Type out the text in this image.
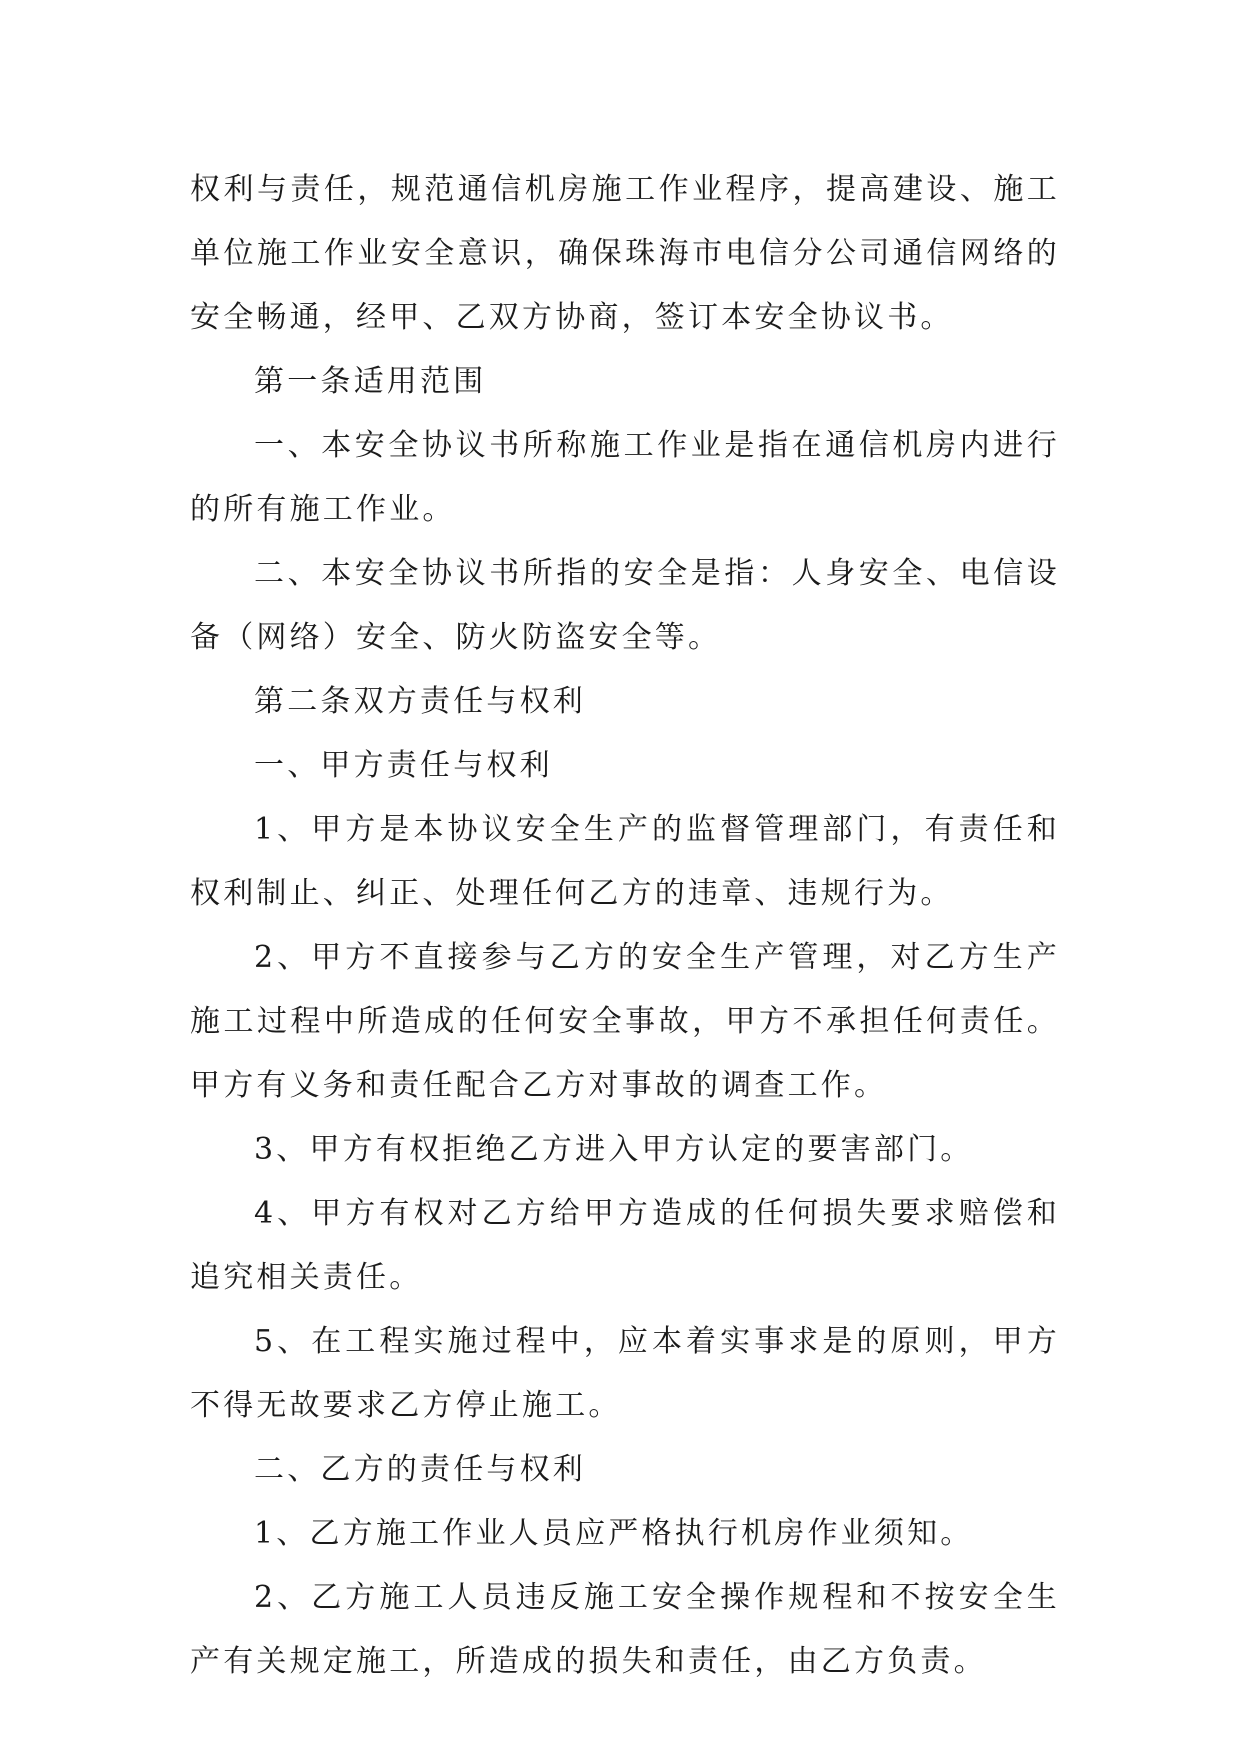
权利与责任，规范通信机房施工作业程序，提高建设、施工单位施工作业安全意识，确保珠海市电信分公司通信网络的安全畅通，经甲、乙双方协商，签订本安全协议书。

第一条适用范围

一、本安全协议书所称施工作业是指在通信机房内进行的所有施工作业。

二、本安全协议书所指的安全是指：人身安全、电信设备（网络）安全、防火防盗安全等。

第二条双方责任与权利

一、甲方责任与权利

1、甲方是本协议安全生产的监督管理部门，有责任和权利制止、纠正、处理任何乙方的违章、违规行为。

2、甲方不直接参与乙方的安全生产管理，对乙方生产施工过程中所造成的任何安全事故，甲方不承担任何责任。甲方有义务和责任配合乙方对事故的调查工作。

3、甲方有权拒绝乙方进入甲方认定的要害部门。

4、甲方有权对乙方给甲方造成的任何损失要求赔偿和追究相关责任。

5、在工程实施过程中，应本着实事求是的原则，甲方不得无故要求乙方停止施工。

二、乙方的责任与权利

1、乙方施工作业人员应严格执行机房作业须知。

2、乙方施工人员违反施工安全操作规程和不按安全生产有关规定施工，所造成的损失和责任，由乙方负责。
